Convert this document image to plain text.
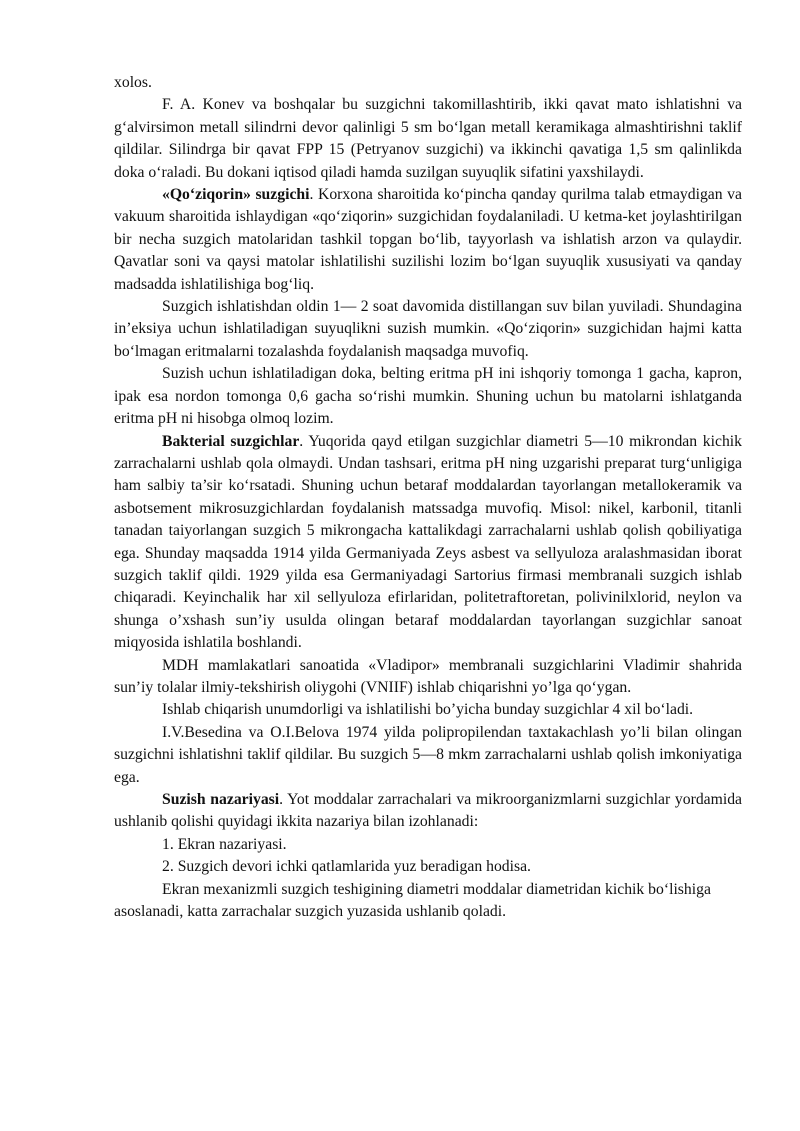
xolos.

F. A. Konev va boshqalar bu suzgichni takomillashtirib, ikki qavat mato ishlatishni va g‘alvirsimon metall silindrni devor qalinligi 5 sm bo‘lgan metall keramikaga almashtirishni taklif qildilar. Silindrga bir qavat FPP 15 (Petryanov suzgichi) va ikkinchi qavatiga 1,5 sm qalinlikda doka o‘raladi. Bu dokani iqtisod qiladi hamda suzilgan suyuqlik sifatini yaxshilaydi.

«Qo‘ziqorin» suzgichi. Korxona sharoitida ko‘pincha qanday qurilma talab etmaydigan va vakuum sharoitida ishlaydigan «qo‘ziqorin» suzgichidan foydalaniladi. U ketma-ket joylashtirilgan bir necha suzgich matolaridan tashkil topgan bo‘lib, tayyorlash va ishlatish arzon va qulaydir. Qavatlar soni va qaysi matolar ishlatilishi suzilishi lozim bo‘lgan suyuqlik xususiyati va qanday madsadda ishlatilishiga bog‘liq.

Suzgich ishlatishdan oldin 1— 2 soat davomida distillangan suv bilan yuviladi. Shundagina in’eksiya uchun ishlatiladigan suyuqlikni suzish mumkin. «Qo‘ziqorin» suzgichidan hajmi katta bo‘lmagan eritmalarni tozalashda foydalanish maqsadga muvofiq.

Suzish uchun ishlatiladigan doka, belting eritma pH ini ishqoriy tomonga 1 gacha, kapron, ipak esa nordon tomonga 0,6 gacha so‘rishi mumkin. Shuning uchun bu matolarni ishlatganda eritma pH ni hisobga olmoq lozim.

Bakterial suzgichlar. Yuqorida qayd etilgan suzgichlar diametri 5—10 mikrondan kichik zarrachalarni ushlab qola olmaydi. Undan tashsari, eritma pH ning uzgarishi preparat turg‘unligiga ham salbiy ta’sir ko‘rsatadi. Shuning uchun betaraf moddalardan tayorlangan metallokeramik va asbotsement mikrosuzgichlardan foydalanish matssadga muvofiq. Misol: nikel, karbonil, titanli tanadan taiyorlangan suzgich 5 mikrongacha kattalikdagi zarrachalarni ushlab qolish qobiliyatiga ega. Shunday maqsadda 1914 yilda Germaniyada Zeys asbest va sellyuloza aralashmasidan iborat suzgich taklif qildi. 1929 yilda esa Germaniyadagi Sartorius firmasi membranali suzgich ishlab chiqaradi. Keyinchalik har xil sellyuloza efirlaridan, politetraftoretan, polivinilxlorid, neylon va shunga o’xshash sun’iy usulda olingan betaraf moddalardan tayorlangan suzgichlar sanoat miqyosida ishlatila boshlandi.

MDH mamlakatlari sanoatida «Vladipor» membranali suzgichlarini Vladimir shahrida sun’iy tolalar ilmiy-tekshirish oliygohi (VNIIF) ishlab chiqarishni yo’lga qo‘ygan.

Ishlab chiqarish unumdorligi va ishlatilishi bo’yicha bunday suzgichlar 4 xil bo‘ladi.

I.V.Besedina va O.I.Belova 1974 yilda polipropilendan taxtakachlash yo’li bilan olingan suzgichni ishlatishni taklif qildilar. Bu suzgich 5—8 mkm zarrachalarni ushlab qolish imkoniyatiga ega.

Suzish nazariyasi. Yot moddalar zarrachalari va mikroorganizmlarni suzgichlar yordamida ushlanib qolishi quyidagi ikkita nazariya bilan izohlanadi:

1. Ekran nazariyasi.

2. Suzgich devori ichki qatlamlarida yuz beradigan hodisa.

Ekran mexanizmli suzgich teshigining diametri moddalar diametridan kichik bo‘lishiga asoslanadi, katta zarrachalar suzgich yuzasida ushlanib qoladi.
